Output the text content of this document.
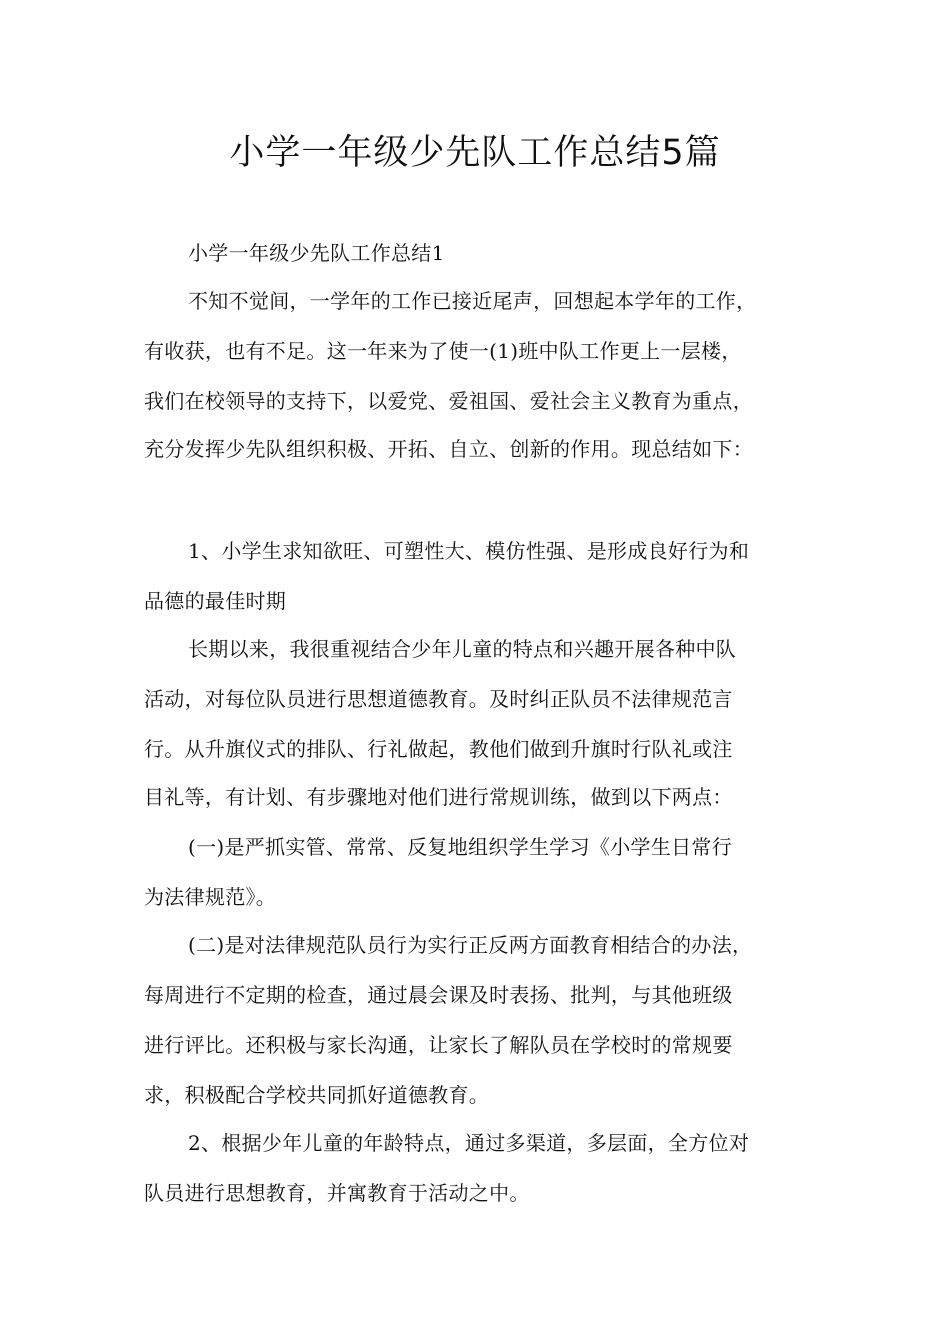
小学一年级少先队工作总结5篇

小学一年级少先队工作总结1

不知不觉间，一学年的工作已接近尾声，回想起本学年的工作，

有收获，也有不足。这一年来为了使一(1)班中队工作更上一层楼，

我们在校领导的支持下，以爱党、爱祖国、爱社会主义教育为重点，

充分发挥少先队组织积极、开拓、自立、创新的作用。现总结如下：

1、小学生求知欲旺、可塑性大、模仿性强、是形成良好行为和

品德的最佳时期

长期以来，我很重视结合少年儿童的特点和兴趣开展各种中队

活动，对每位队员进行思想道德教育。及时纠正队员不法律规范言

行。从升旗仪式的排队、行礼做起，教他们做到升旗时行队礼或注

目礼等，有计划、有步骤地对他们进行常规训练，做到以下两点：

(一)是严抓实管、常常、反复地组织学生学习《小学生日常行

为法律规范》。

(二)是对法律规范队员行为实行正反两方面教育相结合的办法，

每周进行不定期的检查，通过晨会课及时表扬、批判，与其他班级

进行评比。还积极与家长沟通，让家长了解队员在学校时的常规要

求，积极配合学校共同抓好道德教育。

2、根据少年儿童的年龄特点，通过多渠道，多层面，全方位对

队员进行思想教育，并寓教育于活动之中。
